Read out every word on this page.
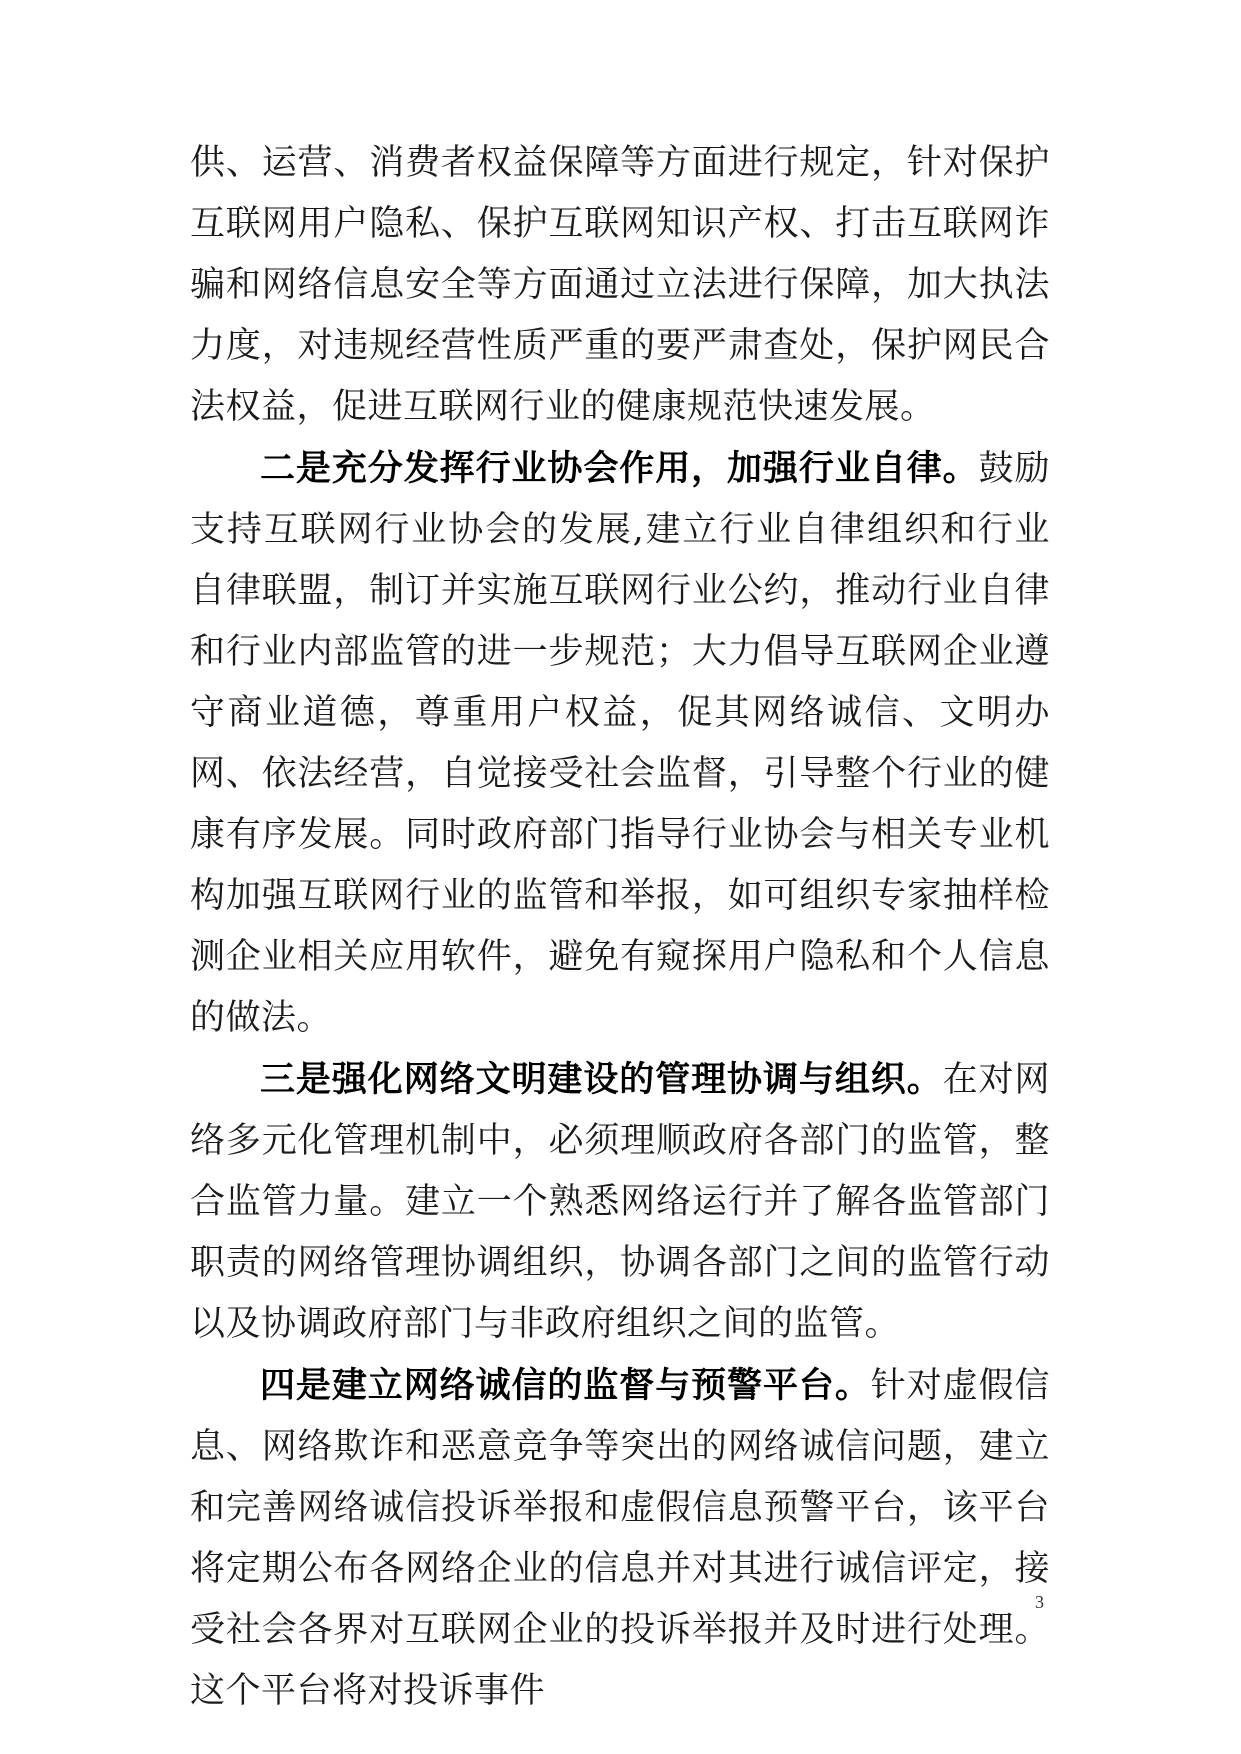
供、运营、消费者权益保障等方面进行规定，针对保护互联网用户隐私、保护互联网知识产权、打击互联网诈骗和网络信息安全等方面通过立法进行保障，加大执法力度，对违规经营性质严重的要严肃查处，保护网民合法权益，促进互联网行业的健康规范快速发展。

二是充分发挥行业协会作用，加强行业自律。鼓励支持互联网行业协会的发展,建立行业自律组织和行业自律联盟，制订并实施互联网行业公约，推动行业自律和行业内部监管的进一步规范；大力倡导互联网企业遵守商业道德，尊重用户权益，促其网络诚信、文明办网、依法经营，自觉接受社会监督，引导整个行业的健康有序发展。同时政府部门指导行业协会与相关专业机构加强互联网行业的监管和举报，如可组织专家抽样检测企业相关应用软件，避免有窥探用户隐私和个人信息的做法。

三是强化网络文明建设的管理协调与组织。在对网络多元化管理机制中，必须理顺政府各部门的监管，整合监管力量。建立一个熟悉网络运行并了解各监管部门职责的网络管理协调组织，协调各部门之间的监管行动以及协调政府部门与非政府组织之间的监管。

四是建立网络诚信的监督与预警平台。针对虚假信息、网络欺诈和恶意竞争等突出的网络诚信问题，建立和完善网络诚信投诉举报和虚假信息预警平台，该平台将定期公布各网络企业的信息并对其进行诚信评定，接受社会各界对互联网企业的投诉举报并及时进行处理。这个平台将对投诉事件

3
